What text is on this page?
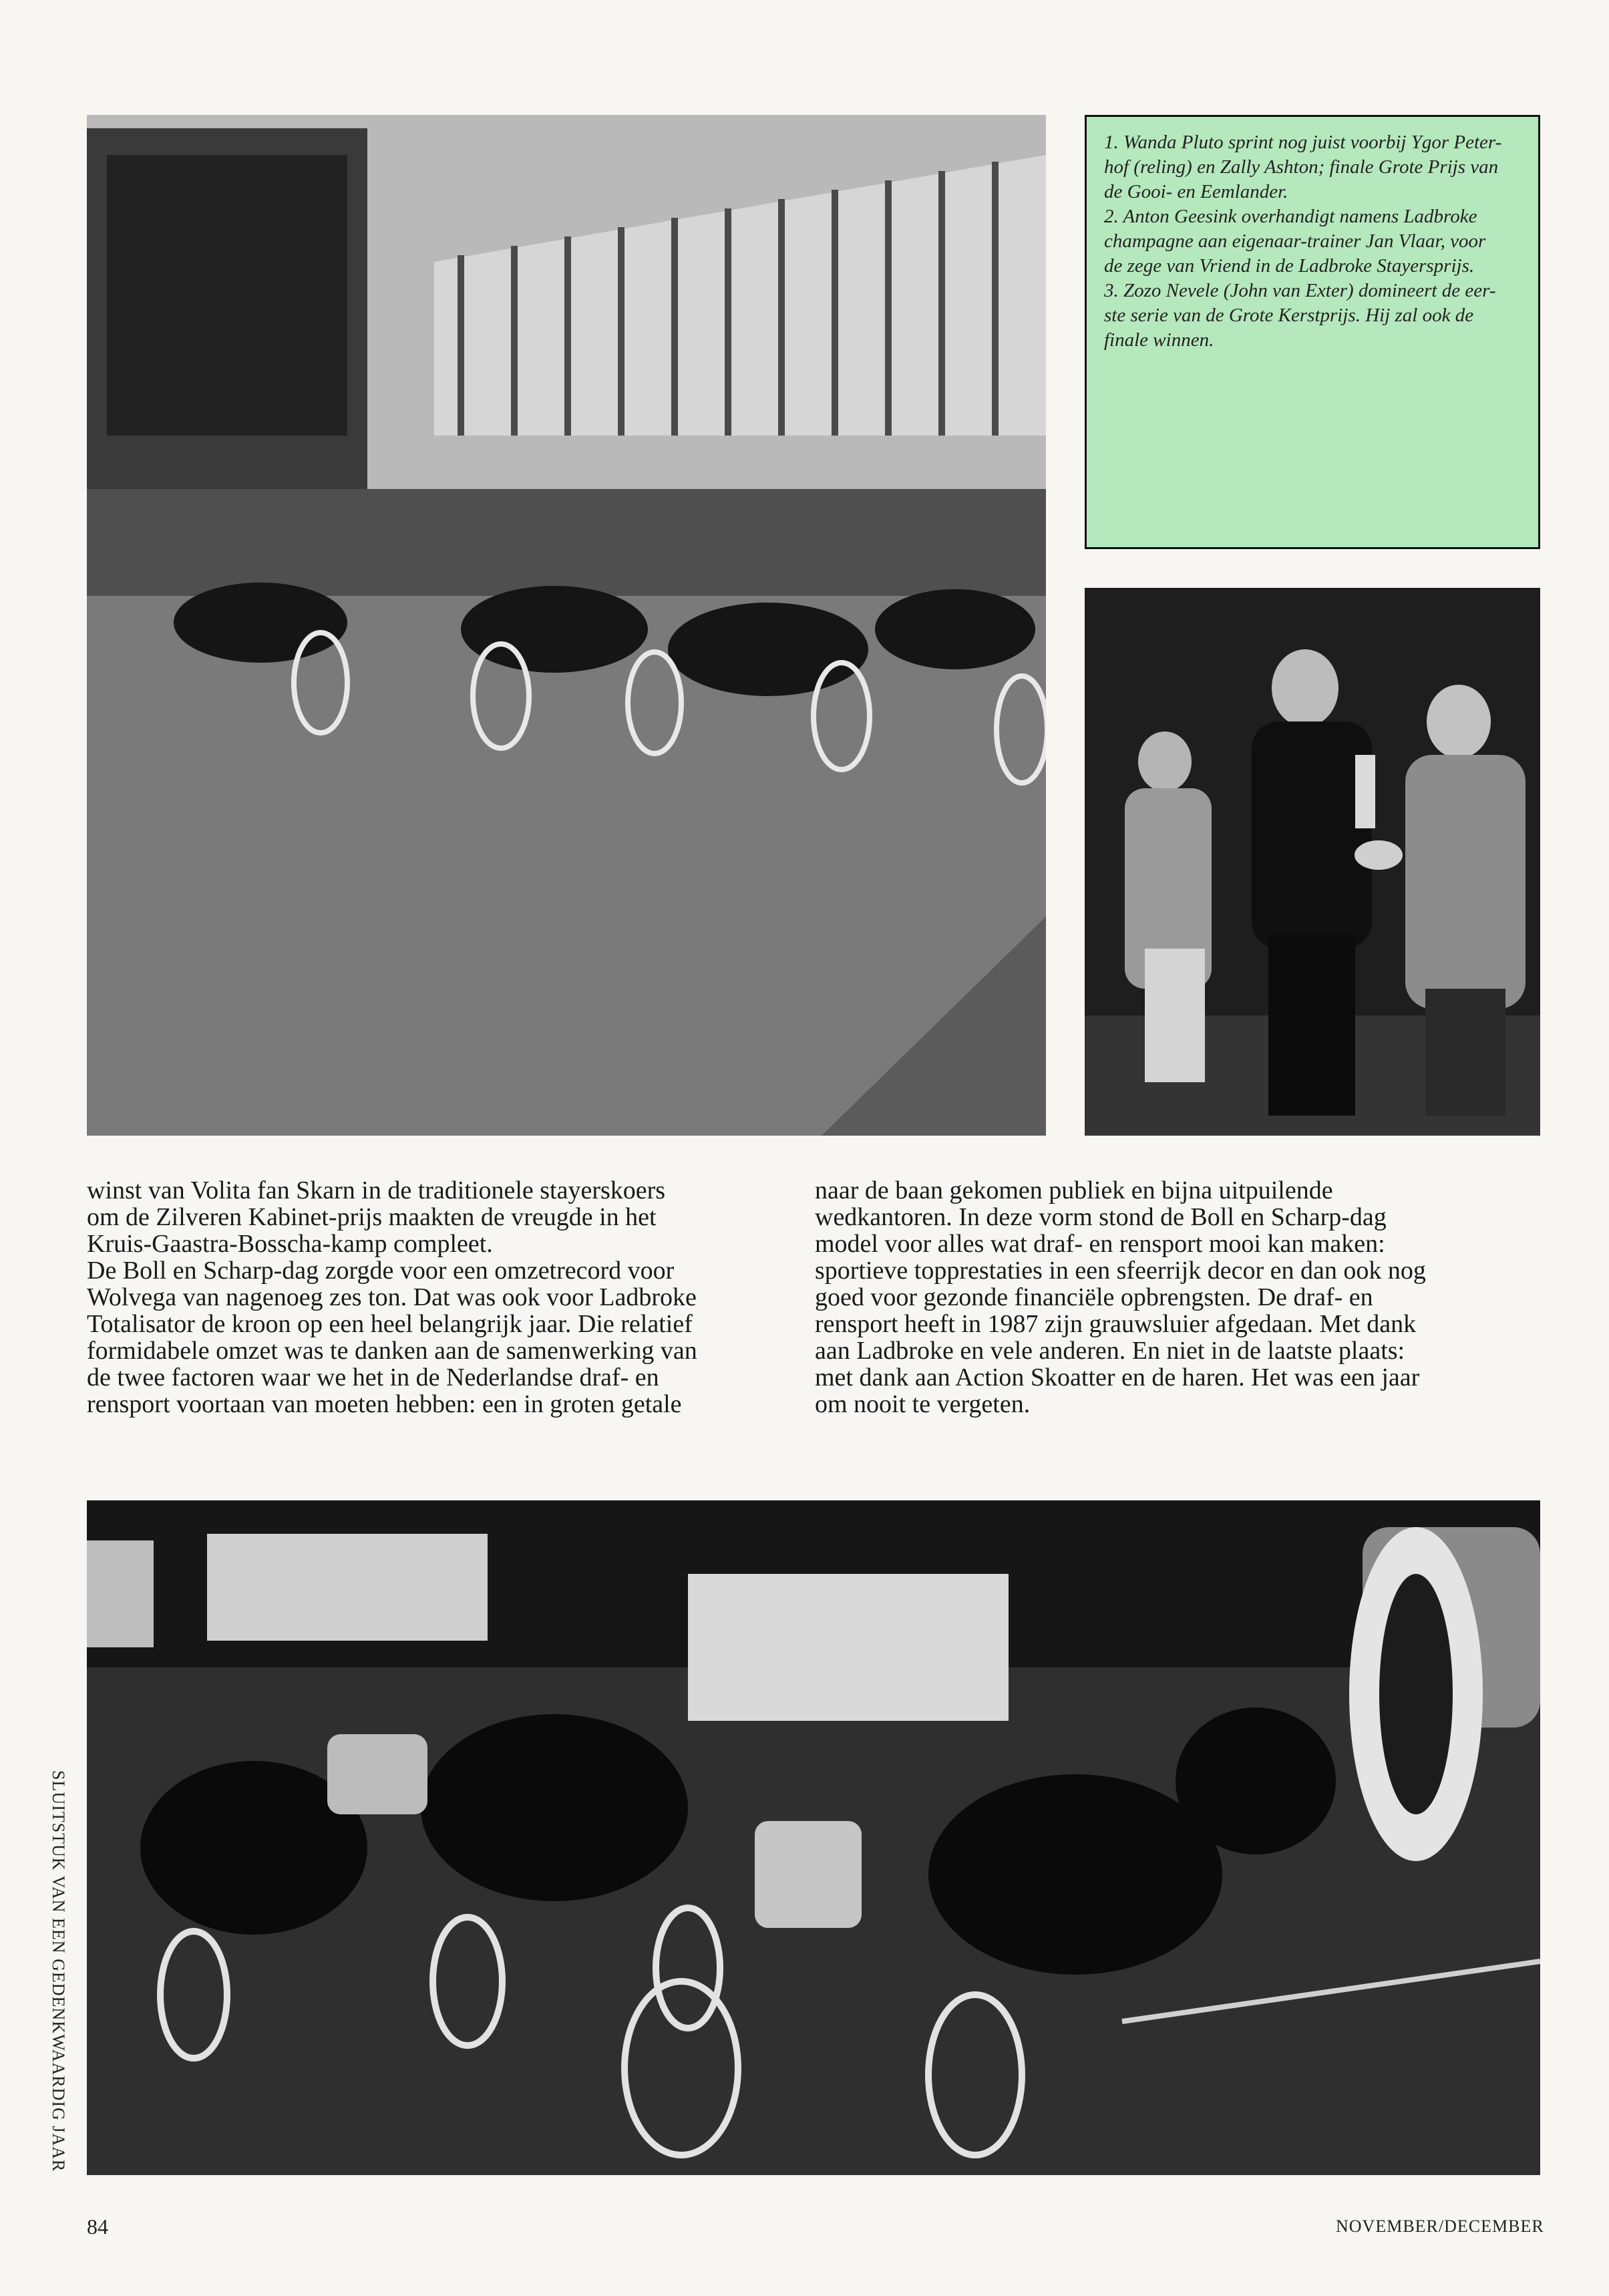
1. Wanda Pluto sprint nog juist voorbij Ygor Peter-
hof (reling) en Zally Ashton; finale Grote Prijs van
de Gooi- en Eemlander.
2. Anton Geesink overhandigt namens Ladbroke
champagne aan eigenaar-trainer Jan Vlaar, voor
de zege van Vriend in de Ladbroke Stayersprijs.
3. Zozo Nevele (John van Exter) domineert de eer-
ste serie van de Grote Kerstprijs. Hij zal ook de
finale winnen.

winst van Volita fan Skarn in de traditionele stayerskoers

om de Zilveren Kabinet-prijs maakten de vreugde in het

Kruis-Gaastra-Bosscha-kamp compleet.

De Boll en Scharp-dag zorgde voor een omzetrecord voor

Wolvega van nagenoeg zes ton. Dat was ook voor Ladbroke

Totalisator de kroon op een heel belangrijk jaar. Die relatief

formidabele omzet was te danken aan de samenwerking van

de twee factoren waar we het in de Nederlandse draf- en

rensport voortaan van moeten hebben: een in groten getale

naar de baan gekomen publiek en bijna uitpuilende

wedkantoren. In deze vorm stond de Boll en Scharp-dag

model voor alles wat draf- en rensport mooi kan maken:

sportieve topprestaties in een sfeerrijk decor en dan ook nog

goed voor gezonde financiële opbrengsten. De draf- en

rensport heeft in 1987 zijn grauwsluier afgedaan. Met dank

aan Ladbroke en vele anderen. En niet in de laatste plaats:

met dank aan Action Skoatter en de haren. Het was een jaar

om nooit te vergeten.

SLUITSTUK VAN EEN GEDENKWAARDIG JAAR
84	NOVEMBER/DECEMBER
